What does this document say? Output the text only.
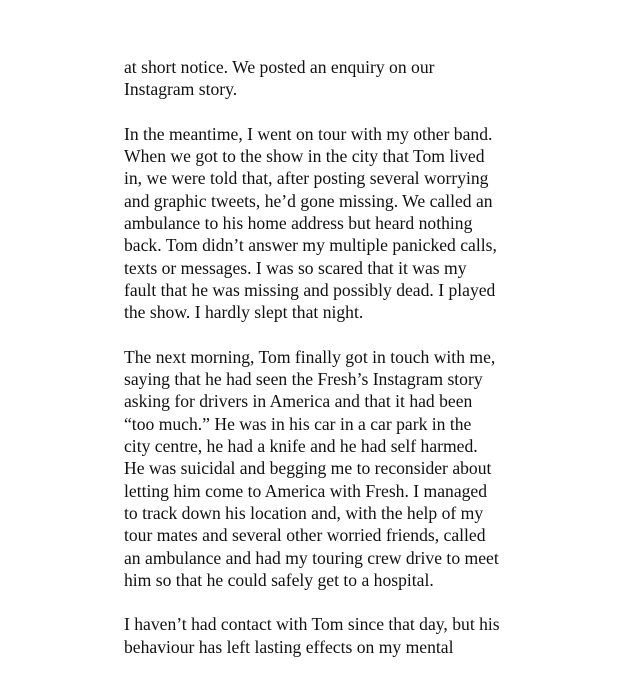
at short notice. We posted an enquiry on our
Instagram story.

In the meantime, I went on tour with my other band.
When we got to the show in the city that Tom lived
in, we were told that, after posting several worrying
and graphic tweets, he’d gone missing. We called an
ambulance to his home address but heard nothing
back. Tom didn’t answer my multiple panicked calls,
texts or messages. I was so scared that it was my
fault that he was missing and possibly dead. I played
the show. I hardly slept that night.

The next morning, Tom finally got in touch with me,
saying that he had seen the Fresh’s Instagram story
asking for drivers in America and that it had been
“too much.” He was in his car in a car park in the
city centre, he had a knife and he had self harmed.
He was suicidal and begging me to reconsider about
letting him come to America with Fresh. I managed
to track down his location and, with the help of my
tour mates and several other worried friends, called
an ambulance and had my touring crew drive to meet
him so that he could safely get to a hospital.

I haven’t had contact with Tom since that day, but his
behaviour has left lasting effects on my mental
